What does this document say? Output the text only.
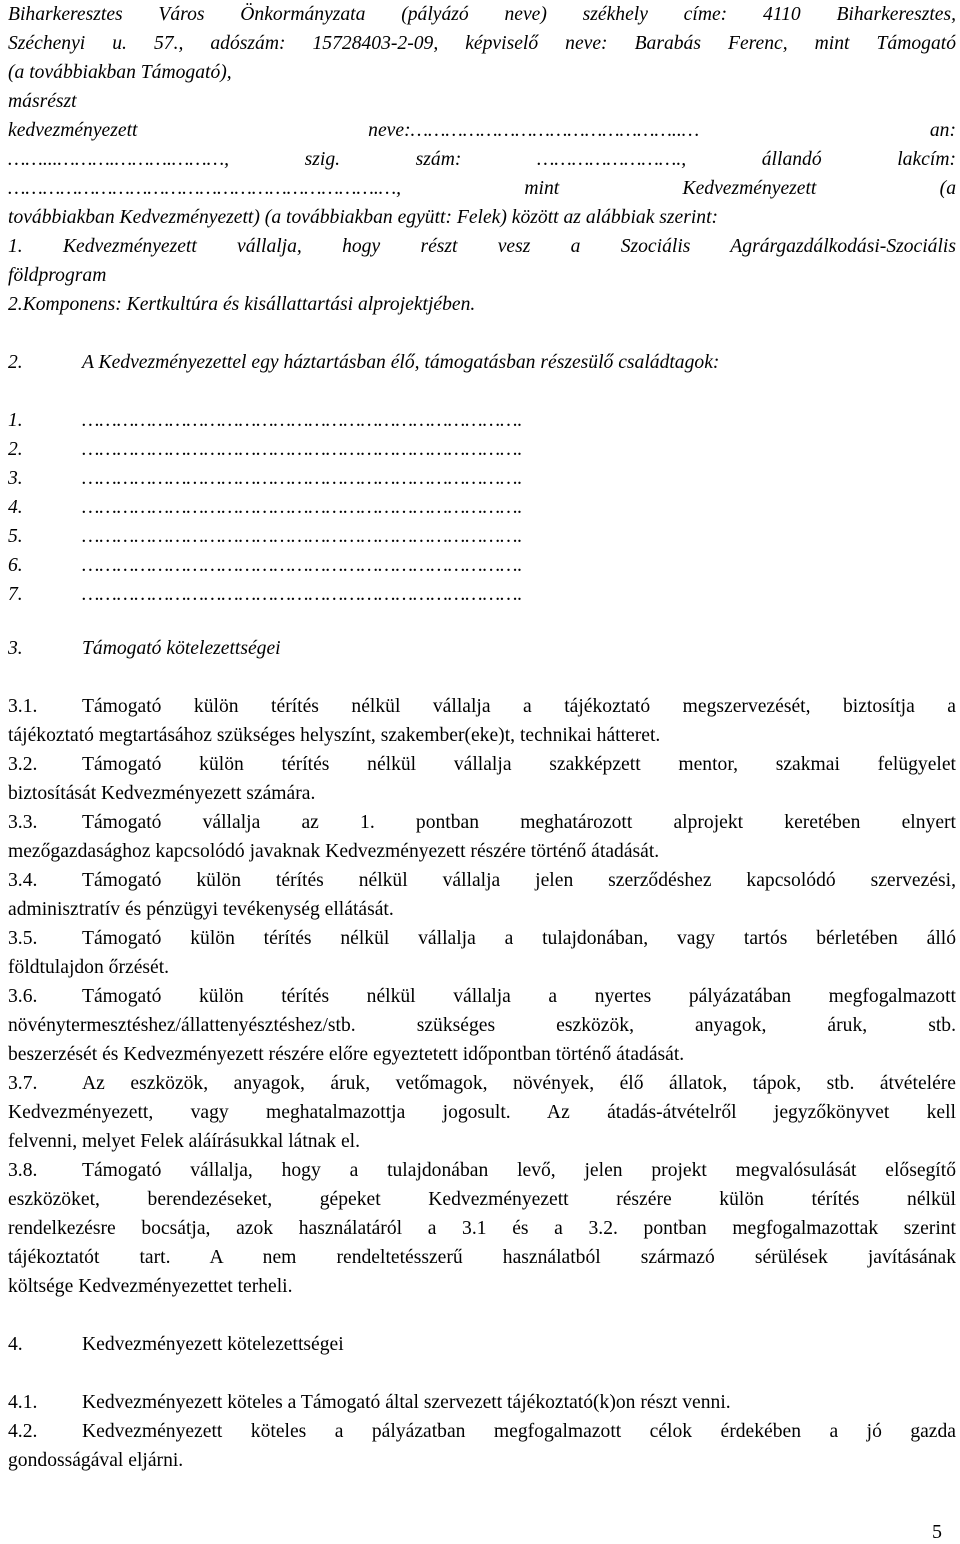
Biharkeresztes Város Önkormányzata (pályázó neve) székhely címe: 4110 Biharkeresztes,
Széchenyi u. 57., adószám: 15728403-2-09, képviselő neve: Barabás Ferenc, mint Támogató
(a továbbiakban Támogató),
másrészt
kedvezményezett neve:………………………………………..… an:
……...……….……….………, szig. szám: ……………………., állandó lakcím:
……………………………………………………….…, mint Kedvezményezett (a
továbbiakban Kedvezményezett) (a továbbiakban együtt: Felek) között az alábbiak szerint:
1. Kedvezményezett vállalja, hogy részt vesz a Szociális Agrárgazdálkodási-Szociális
földprogram
2.Komponens: Kertkultúra és kisállattartási alprojektjében.
2.	A Kedvezményezettel egy háztartásban élő, támogatásban részesülő családtagok:
1.	………………………………………………………………….
2.	………………………………………………………………….
3.	………………………………………………………………….
4.	………………………………………………………………….
5.	………………………………………………………………….
6.	………………………………………………………………….
7.	………………………………………………………………….
3.	Támogató kötelezettségei
3.1. Támogató külön térítés nélkül vállalja a tájékoztató megszervezését, biztosítja a
tájékoztató megtartásához szükséges helyszínt, szakember(eke)t, technikai hátteret.
3.2. Támogató külön térítés nélkül vállalja szakképzett mentor, szakmai felügyelet
biztosítását Kedvezményezett számára.
3.3. Támogató vállalja az 1. pontban meghatározott alprojekt keretében elnyert
mezőgazdasághoz kapcsolódó javaknak Kedvezményezett részére történő átadását.
3.4. Támogató külön térítés nélkül vállalja jelen szerződéshez kapcsolódó szervezési,
adminisztratív és pénzügyi tevékenység ellátását.
3.5. Támogató külön térítés nélkül vállalja a tulajdonában, vagy tartós bérletében álló
földtulajdon őrzését.
3.6. Támogató külön térítés nélkül vállalja a nyertes pályázatában megfogalmazott
növénytermesztéshez/állattenyésztéshez/stb. szükséges eszközök, anyagok, áruk, stb.
beszerzését és Kedvezményezett részére előre egyeztetett időpontban történő átadását.
3.7. Az eszközök, anyagok, áruk, vetőmagok, növények, élő állatok, tápok, stb. átvételére
Kedvezményezett, vagy meghatalmazottja jogosult. Az átadás-átvételről jegyzőkönyvet kell
felvenni, melyet Felek aláírásukkal látnak el.
3.8. Támogató vállalja, hogy a tulajdonában levő, jelen projekt megvalósulását elősegítő
eszközöket, berendezéseket, gépeket Kedvezményezett részére külön térítés nélkül
rendelkezésre bocsátja, azok használatáról a 3.1 és a 3.2. pontban megfogalmazottak szerint
tájékoztatót tart. A nem rendeltetésszerű használatból származó sérülések javításának
költsége Kedvezményezettet terheli.
4.	Kedvezményezett kötelezettségei
4.1. Kedvezményezett köteles a Támogató által szervezett tájékoztató(k)on részt venni.
4.2. Kedvezményezett köteles a pályázatban megfogalmazott célok érdekében a jó gazda
gondosságával eljárni.
5
